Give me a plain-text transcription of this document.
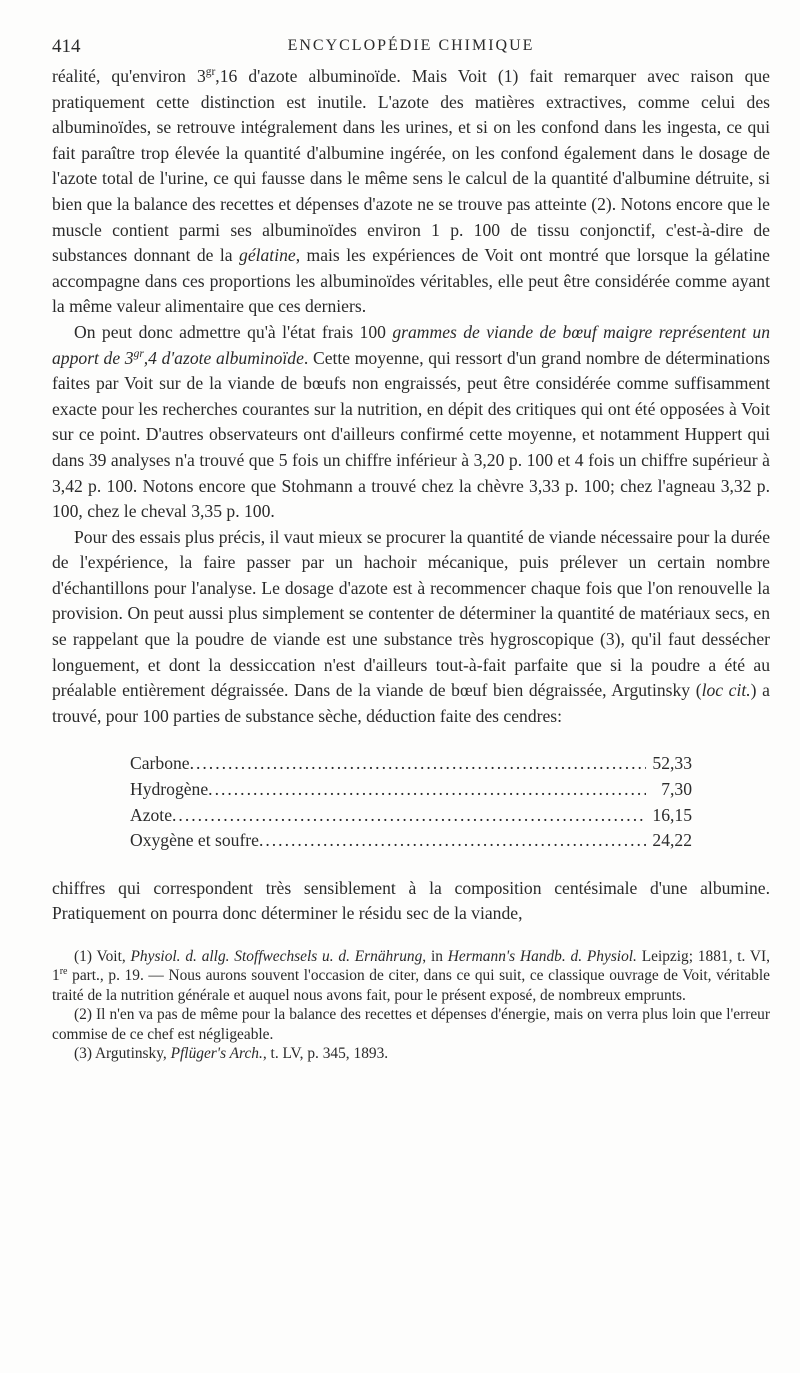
414	ENCYCLOPÉDIE CHIMIQUE

réalité, qu'environ $3^{gr},16$ d'azote albuminoïde. Mais Voit (1) fait remarquer avec raison que pratiquement cette distinction est inutile. L'azote des matières extractives, comme celui des albuminoïdes, se retrouve intégralement dans les urines, et si on les confond dans les ingesta, ce qui fait paraître trop élevée la quantité d'albumine ingérée, on les confond également dans le dosage de l'azote total de l'urine, ce qui fausse dans le même sens le calcul de la quantité d'albumine détruite, si bien que la balance des recettes et dépenses d'azote ne se trouve pas atteinte (2). Notons encore que le muscle contient parmi ses albuminoïdes environ 1 p. 100 de tissu conjonctif, c'est-à-dire de substances donnant de la gélatine, mais les expériences de Voit ont montré que lorsque la gélatine accompagne dans ces proportions les albuminoïdes véritables, elle peut être considérée comme ayant la même valeur alimentaire que ces derniers.

On peut donc admettre qu'à l'état frais 100 grammes de viande de bœuf maigre représentent un apport de $3^{gr},4$ d'azote albuminoïde. Cette moyenne, qui ressort d'un grand nombre de déterminations faites par Voit sur de la viande de bœufs non engraissés, peut être considérée comme suffisamment exacte pour les recherches courantes sur la nutrition, en dépit des critiques qui ont été opposées à Voit sur ce point. D'autres observateurs ont d'ailleurs confirmé cette moyenne, et notamment Huppert qui dans 39 analyses n'a trouvé que 5 fois un chiffre inférieur à 3,20 p. 100 et 4 fois un chiffre supérieur à 3,42 p. 100. Notons encore que Stohmann a trouvé chez la chèvre 3,33 p. 100; chez l'agneau 3,32 p. 100, chez le cheval 3,35 p. 100.

Pour des essais plus précis, il vaut mieux se procurer la quantité de viande nécessaire pour la durée de l'expérience, la faire passer par un hachoir mécanique, puis prélever un certain nombre d'échantillons pour l'analyse. Le dosage d'azote est à recommencer chaque fois que l'on renouvelle la provision. On peut aussi plus simplement se contenter de déterminer la quantité de matériaux secs, en se rappelant que la poudre de viande est une substance très hygroscopique (3), qu'il faut dessécher longuement, et dont la dessiccation n'est d'ailleurs tout-à-fait parfaite que si la poudre a été au préalable entièrement dégraissée. Dans de la viande de bœuf bien dégraissée, Argutinsky (loc cit.) a trouvé, pour 100 parties de substance sèche, déduction faite des cendres:

Carbone .....	52,33
Hydrogène .....	7,30
Azote .....	16,15
Oxygène et soufre .....	24,22

chiffres qui correspondent très sensiblement à la composition centésimale d'une albumine. Pratiquement on pourra donc déterminer le résidu sec de la viande,

(1) Voit, Physiol. d. allg. Stoffwechsels u. d. Ernährung, in Hermann's Handb. d. Physiol. Leipzig; 1881, t. VI, 1re part., p. 19. — Nous aurons souvent l'occasion de citer, dans ce qui suit, ce classique ouvrage de Voit, véritable traité de la nutrition générale et auquel nous avons fait, pour le présent exposé, de nombreux emprunts.

(2) Il n'en va pas de même pour la balance des recettes et dépenses d'énergie, mais on verra plus loin que l'erreur commise de ce chef est négligeable.

(3) Argutinsky, Pflüger's Arch., t. LV, p. 345, 1893.
